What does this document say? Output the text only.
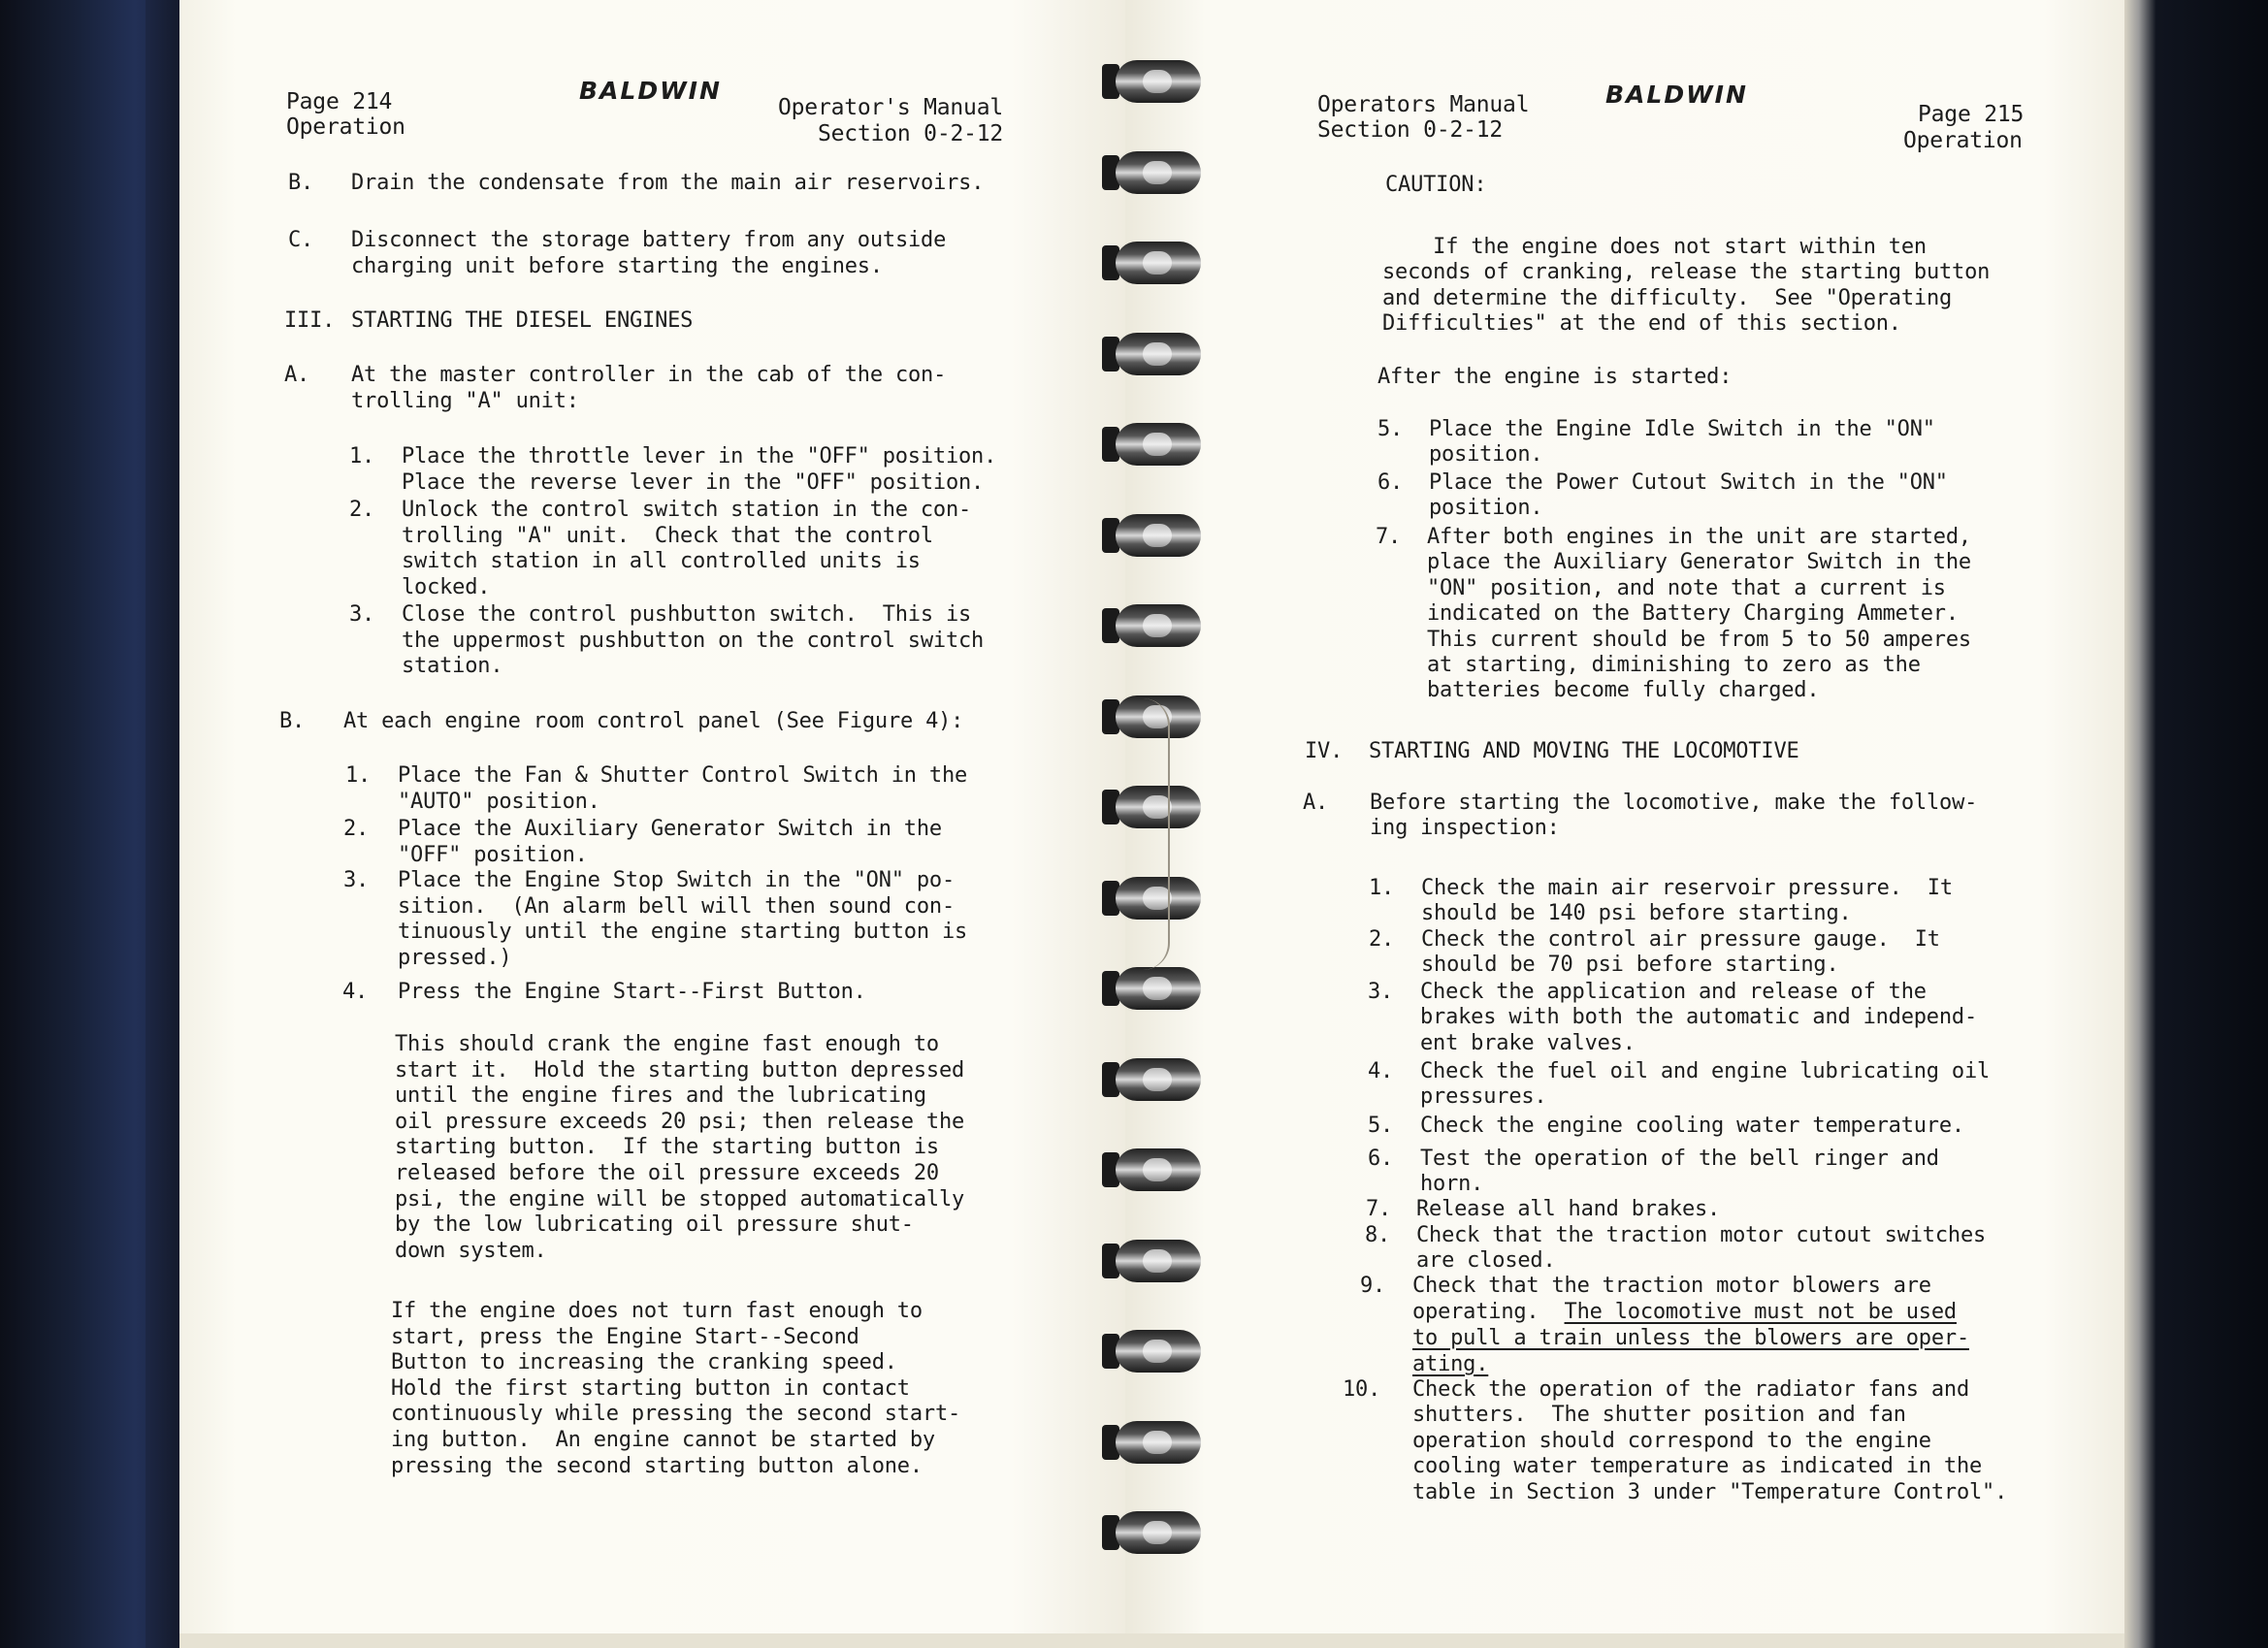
Page 214
Operation
BALDWIN
Operator's Manual
Section 0-2-12
B. Drain the condensate from the main air reservoirs.
C. Disconnect the storage battery from any outside
charging unit before starting the engines.
III. STARTING THE DIESEL ENGINES
A. At the master controller in the cab of the con-
trolling "A" unit:
1. Place the throttle lever in the "OFF" position.
Place the reverse lever in the "OFF" position.
2. Unlock the control switch station in the con-
trolling "A" unit.  Check that the control
switch station in all controlled units is
locked.
3. Close the control pushbutton switch.  This is
the uppermost pushbutton on the control switch
station.
B. At each engine room control panel (See Figure 4):
1. Place the Fan & Shutter Control Switch in the
"AUTO" position.
2. Place the Auxiliary Generator Switch in the
"OFF" position.
3. Place the Engine Stop Switch in the "ON" po-
sition.  (An alarm bell will then sound con-
tinuously until the engine starting button is
pressed.)
4. Press the Engine Start--First Button.
This should crank the engine fast enough to
start it.  Hold the starting button depressed
until the engine fires and the lubricating
oil pressure exceeds 20 psi; then release the
starting button.  If the starting button is
released before the oil pressure exceeds 20
psi, the engine will be stopped automatically
by the low lubricating oil pressure shut-
down system.
If the engine does not turn fast enough to
start, press the Engine Start--Second
Button to increasing the cranking speed.
Hold the first starting button in contact
continuously while pressing the second start-
ing button.  An engine cannot be started by
pressing the second starting button alone.
Operators Manual
Section 0-2-12
BALDWIN
Page 215
Operation
CAUTION:
If the engine does not start within ten
seconds of cranking, release the starting button
and determine the difficulty.  See "Operating
Difficulties" at the end of this section.
After the engine is started:
5. Place the Engine Idle Switch in the "ON"
position.
6. Place the Power Cutout Switch in the "ON"
position.
7. After both engines in the unit are started,
place the Auxiliary Generator Switch in the
"ON" position, and note that a current is
indicated on the Battery Charging Ammeter.
This current should be from 5 to 50 amperes
at starting, diminishing to zero as the
batteries become fully charged.
IV. STARTING AND MOVING THE LOCOMOTIVE
A. Before starting the locomotive, make the follow-
ing inspection:
1. Check the main air reservoir pressure.  It
should be 140 psi before starting.
2. Check the control air pressure gauge.  It
should be 70 psi before starting.
3. Check the application and release of the
brakes with both the automatic and independ-
ent brake valves.
4. Check the fuel oil and engine lubricating oil
pressures.
5. Check the engine cooling water temperature.
6. Test the operation of the bell ringer and
horn.
7. Release all hand brakes.
8. Check that the traction motor cutout switches
are closed.
9. Check that the traction motor blowers are
10. Check the operation of the radiator fans and
shutters.  The shutter position and fan
operation should correspond to the engine
cooling water temperature as indicated in the
table in Section 3 under "Temperature Control".
operating.  The locomotive must not be used
to pull a train unless the blowers are oper-
ating.
